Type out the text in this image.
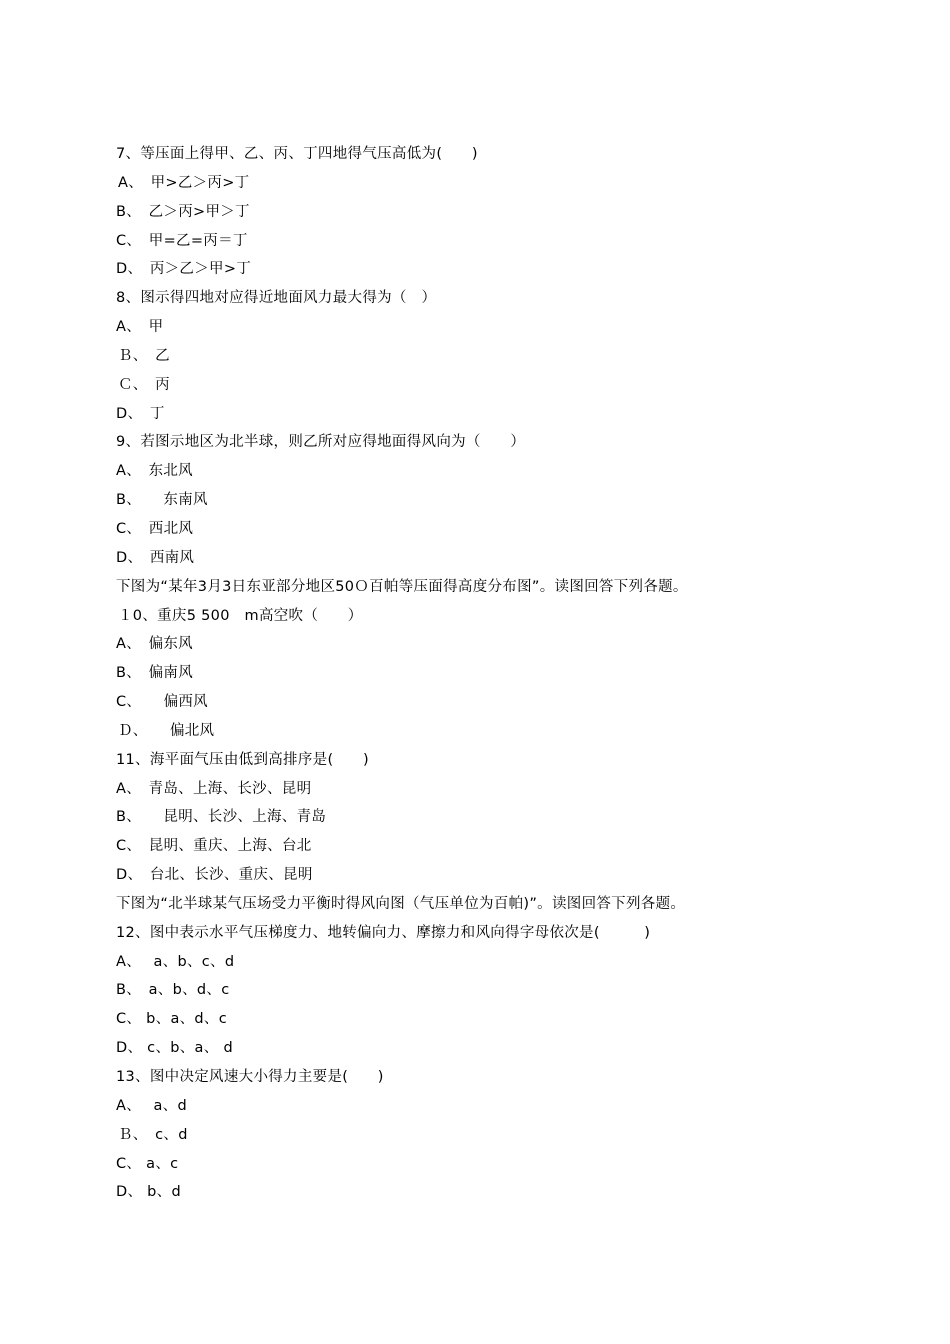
7、等压面上得甲、乙、丙、丁四地得气压高低为(　　)
A、　甲>乙＞丙>丁
B、　乙＞丙>甲＞丁
C、　甲=乙=丙＝丁
D、　丙＞乙＞甲>丁
8、图示得四地对应得近地面风力最大得为（　）
A、　甲
Ｂ、　乙
Ｃ、　丙
D、　丁
9、若图示地区为北半球，则乙所对应得地面得风向为（　　）
A、　东北风
B、　　东南风
C、　西北风
D、　西南风
下图为“某年3月3日东亚部分地区50Ｏ百帕等压面得高度分布图”。读图回答下列各题。
１0、重庆5 500　m高空吹（　　）
A、　偏东风
B、　偏南风
C、　　偏西风
Ｄ、　　偏北风
11、海平面气压由低到高排序是(　　)
A、　青岛、上海、长沙、昆明
B、　　昆明、长沙、上海、青岛
C、　昆明、重庆、上海、台北
D、　台北、长沙、重庆、昆明
下图为“北半球某气压场受力平衡时得风向图（气压单位为百帕)”。读图回答下列各题。
12、图中表示水平气压梯度力、地转偏向力、摩擦力和风向得字母依次是(　　　)
A、　 a、b、c、d
B、　a、b、d、c
C、 b、a、d、c
D、 c、b、a、 d
13、图中决定风速大小得力主要是(　　)
A、　 a、d
Ｂ、　c、d
C、 a、c
D、 b、d
